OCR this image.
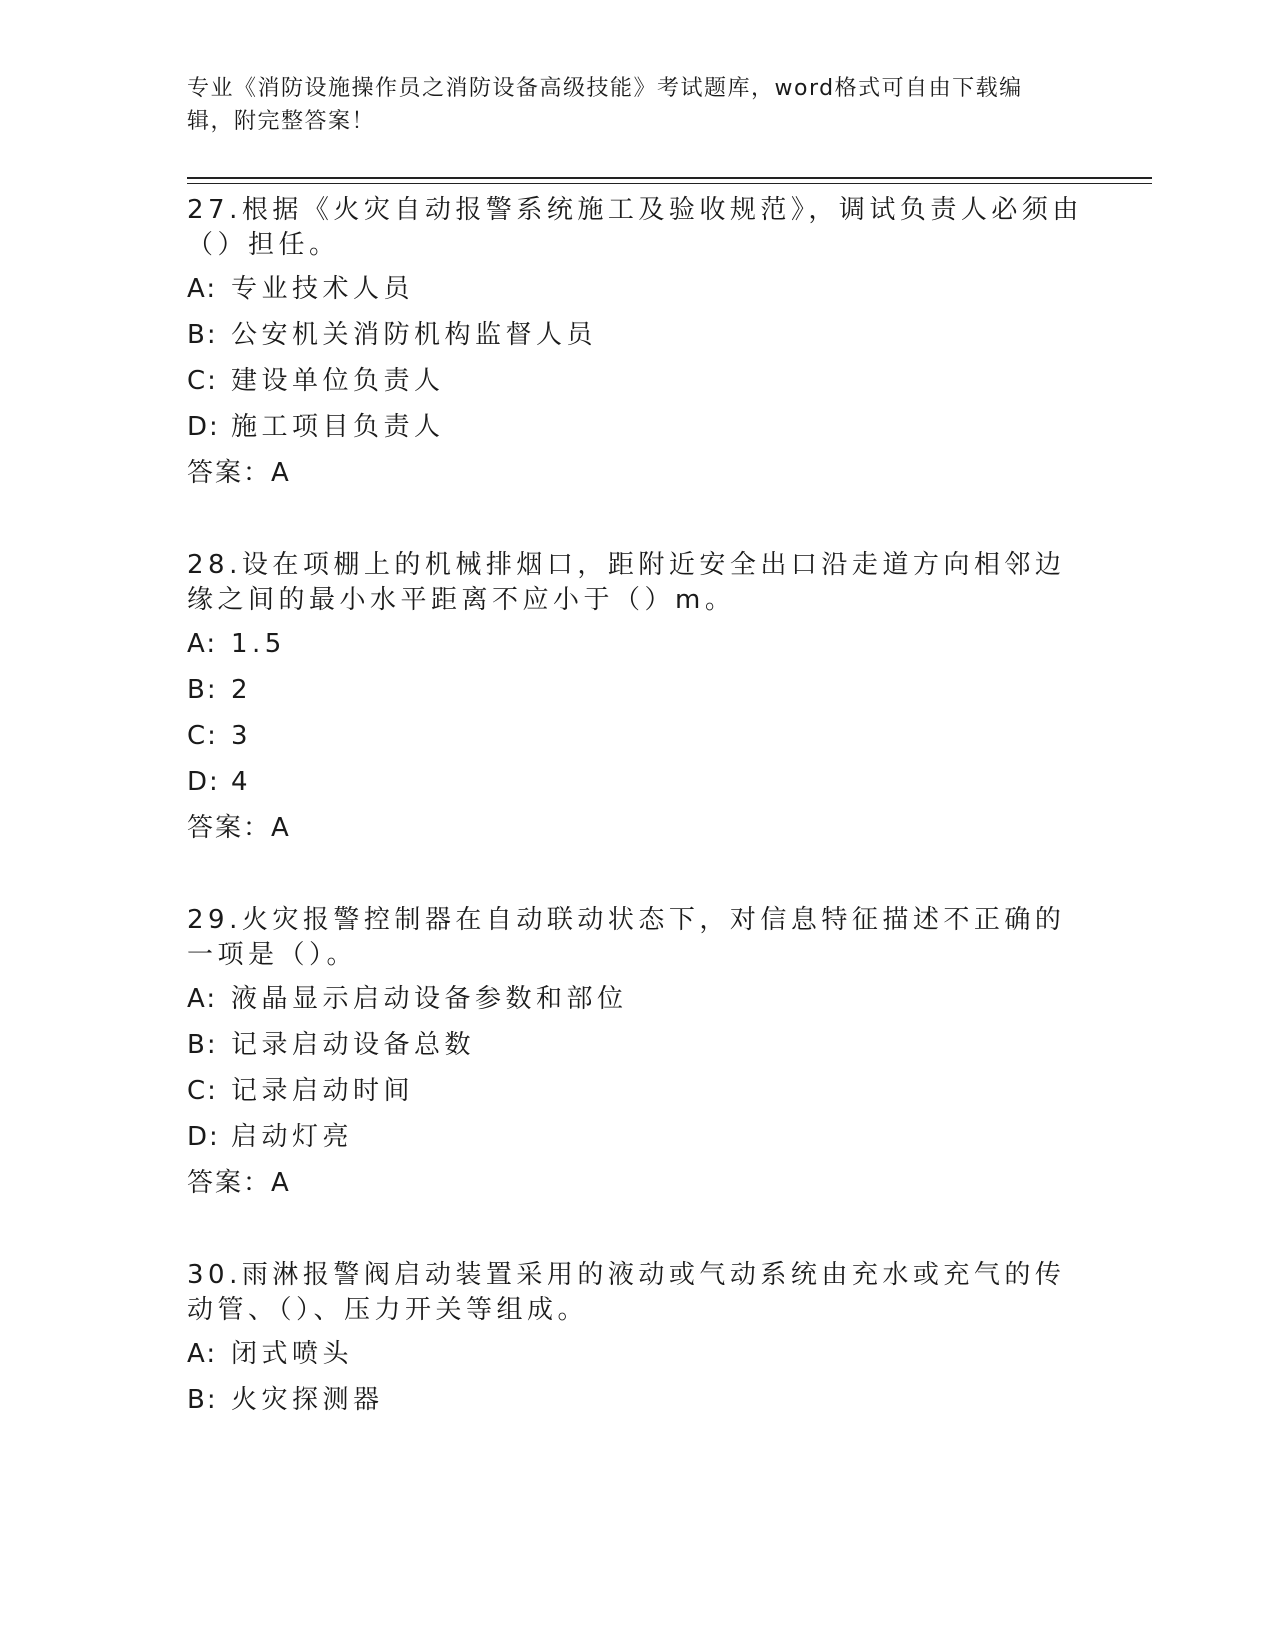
专业《消防设施操作员之消防设备高级技能》考试题库，word格式可自由下载编辑，附完整答案！
27.根据《火灾自动报警系统施工及验收规范》，调试负责人必须由（）担任。
A: 专业技术人员
B: 公安机关消防机构监督人员
C: 建设单位负责人
D: 施工项目负责人
答案：A
28.设在项棚上的机械排烟口，距附近安全出口沿走道方向相邻边缘之间的最小水平距离不应小于（）m。
A: 1.5
B: 2
C: 3
D: 4
答案：A
29.火灾报警控制器在自动联动状态下，对信息特征描述不正确的一项是（）。
A: 液晶显示启动设备参数和部位
B: 记录启动设备总数
C: 记录启动时间
D: 启动灯亮
答案：A
30.雨淋报警阀启动装置采用的液动或气动系统由充水或充气的传动管、（）、压力开关等组成。
A: 闭式喷头
B: 火灾探测器
